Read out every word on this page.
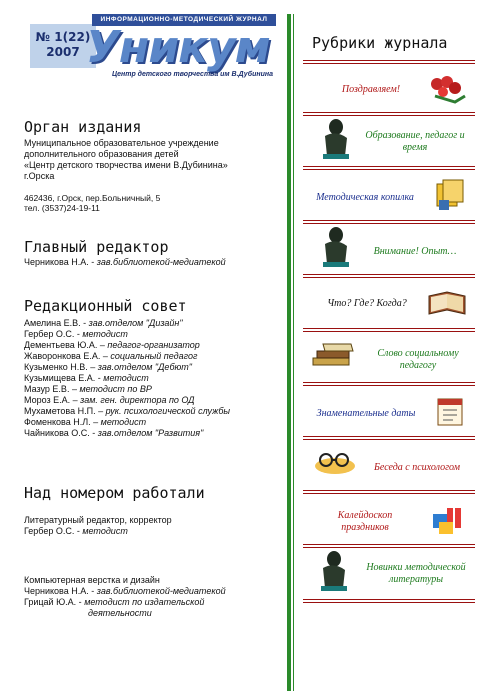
№ 1(22)
2007
ИНФОРМАЦИОННО-МЕТОДИЧЕСКИЙ ЖУРНАЛ
Уникум
Центр детского творчества им В.Дубинина
Орган издания
Муниципальное образовательное учреждение
дополнительного образования детей
«Центр детского творчества имени В.Дубинина»
г.Орска
462436, г.Орск, пер.Больничный, 5
тел. (3537)24-19-11
Главный редактор
Черникова Н.А. - зав.библиотекой-медиатекой
Редакционный совет
Амелина Е.В. - зав.отделом "Дизайн"
Гербер О.С. - методист
Дементьева Ю.А. – педагог-организатор
Жаворонкова Е.А. – социальный педагог
Кузьменко Н.В. – зав.отделом "Дебют"
Кузьмищева Е.А. - методист
Мазур Е.В. – методист по ВР
Мороз Е.А. – зам. ген. директора по ОД
Мухаметова Н.П. – рук. психологической службы
Фоменкова Н.Л. – методист
Чайникова О.С. - зав.отделом "Развития"
Над номером работали
Литературный редактор, корректор
Гербер О.С. - методист
Компьютерная верстка и дизайн
Черникова Н.А. - зав.библиотекой-медиатекой
Грицай Ю.А. - методист по издательской
деятельности
Рубрики журнала
Поздравляем!
Образование, педагог и время
Методическая копилка
Внимание! Опыт…
Что? Где? Когда?
Слово социальному педагогу
Знаменательные даты
Беседа с психологом
Калейдоскоп праздников
Новинки методической литературы
